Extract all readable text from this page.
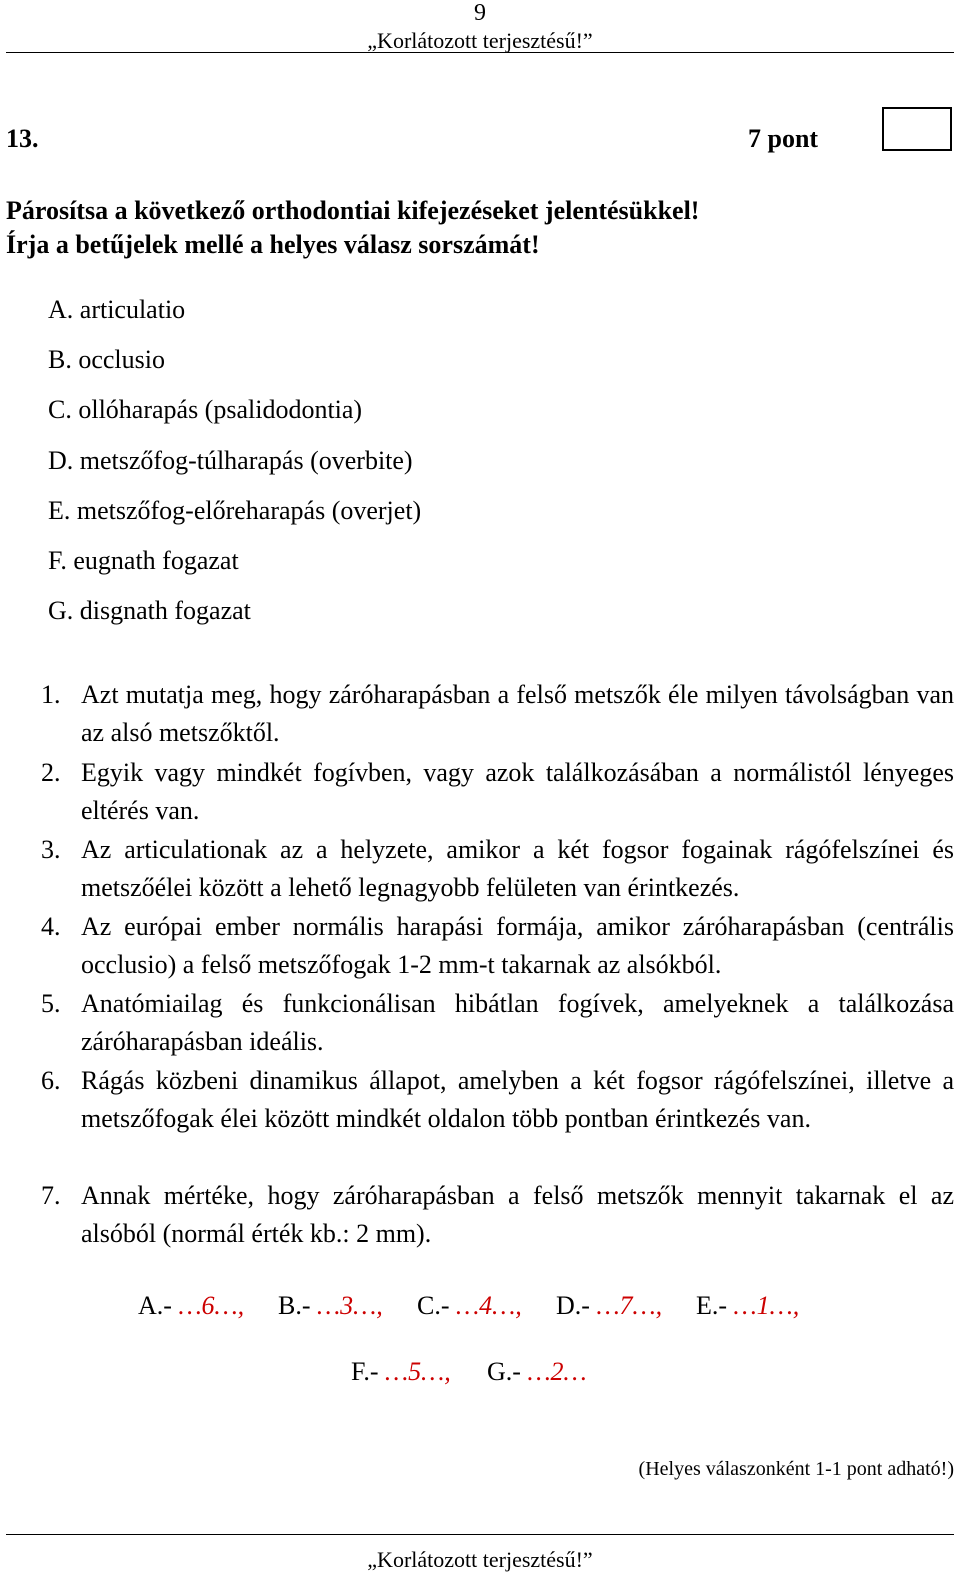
9
„Korlátozott terjesztésű!”
13.	7 pont
Párosítsa a következő orthodontiai kifejezéseket jelentésükkel!
Írja a betűjelek mellé a helyes válasz sorszámát!
A. articulatio
B. occlusio
C. ollóharapás (psalidodontia)
D. metszőfog-túlharapás (overbite)
E. metszőfog-előreharapás (overjet)
F. eugnath fogazat
G. disgnath fogazat
1. Azt mutatja meg, hogy záróharapásban a felső metszők éle milyen távolságban van az alsó metszőktől.
2. Egyik vagy mindkét fogívben, vagy azok találkozásában a normálistól lényeges eltérés van.
3. Az articulationak az a helyzete, amikor a két fogsor fogainak rágófelszínei és metszőélei között a lehető legnagyobb felületen van érintkezés.
4. Az európai ember normális harapási formája, amikor záróharapásban (centrális occlusio) a felső metszőfogak 1-2 mm-t takarnak az alsókból.
5. Anatómiailag és funkcionálisan hibátlan fogívek, amelyeknek a találkozása záróharapásban ideális.
6. Rágás közbeni dinamikus állapot, amelyben a két fogsor rágófelszínei, illetve a metszőfogak élei között mindkét oldalon több pontban érintkezés van.
7. Annak mértéke, hogy záróharapásban a felső metszők mennyit takarnak el az alsóból (normál érték kb.: 2 mm).
A.- …6…, B.- …3…, C.- …4…, D.- …7…, E.- …1…,
F.- …5…, G.- …2…
(Helyes válaszonként 1-1 pont adható!)
„Korlátozott terjesztésű!”
